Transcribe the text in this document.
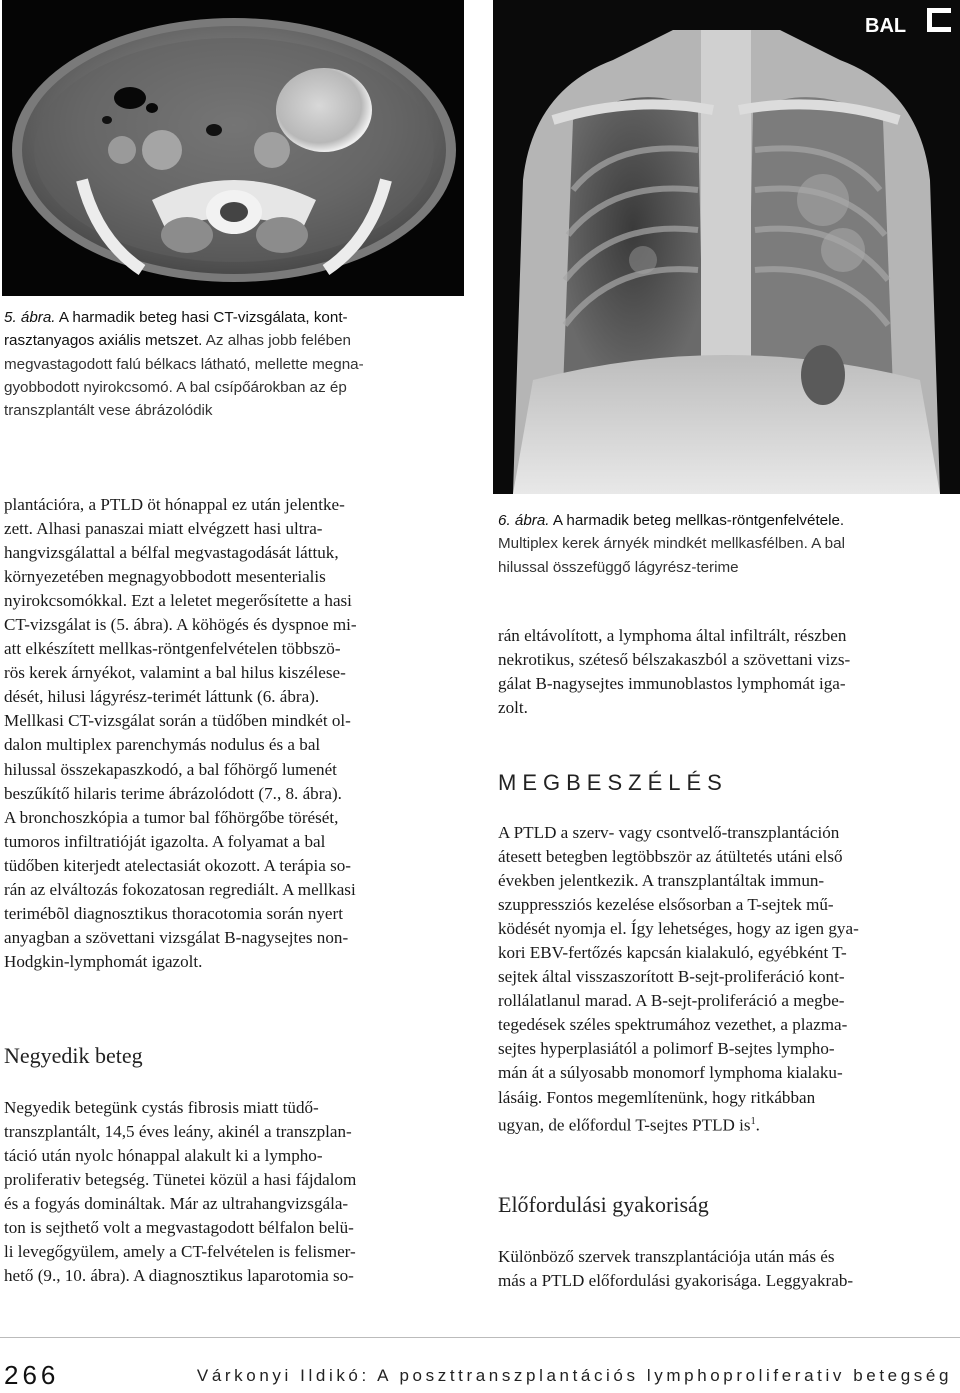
BAL
5. ábra. A harmadik beteg hasi CT-vizsgálata, kont-
rasztanyagos axiális metszet. Az alhas jobb felében
megvastagodott falú bélkacs látható, mellette megna-
gyobbodott nyirokcsomó. A bal csípőárokban az ép
transzplantált vese ábrázolódik
6. ábra. A harmadik beteg mellkas-röntgenfelvétele.
Multiplex kerek árnyék mindkét mellkasfélben. A bal
hilussal összefüggő lágyrész-terime
plantációra, a PTLD öt hónappal ez után jelentke-
zett. Alhasi panaszai miatt elvégzett hasi ultra-
hangvizsgálattal a bélfal megvastagodását láttuk,
környezetében megnagyobbodott mesenterialis
nyirokcsomókkal. Ezt a leletet megerősítette a hasi
CT-vizsgálat is (5. ábra). A köhögés és dyspnoe mi-
att elkészített mellkas-röntgenfelvételen többszö-
rös kerek árnyékot, valamint a bal hilus kiszélese-
dését, hilusi lágyrész-terimét láttunk (6. ábra).
Mellkasi CT-vizsgálat során a tüdőben mindkét ol-
dalon multiplex parenchymás nodulus és a bal
hilussal összekapaszkodó, a bal főhörgő lumenét
beszűkítő hilaris terime ábrázolódott (7., 8. ábra).
A bronchoszkópia a tumor bal főhörgőbe törését,
tumoros infiltratióját igazolta. A folyamat a bal
tüdőben kiterjedt atelectasiát okozott. A terápia so-
rán az elváltozás fokozatosan regrediált. A mellkasi
terimébõl diagnosztikus thoracotomia során nyert
anyagban a szövettani vizsgálat B-nagysejtes non-
Hodgkin-lymphomát igazolt.
Negyedik beteg
Negyedik betegünk cystás fibrosis miatt tüdő-
transzplantált, 14,5 éves leány, akinél a transzplan-
táció után nyolc hónappal alakult ki a lympho-
proliferativ betegség. Tünetei közül a hasi fájdalom
és a fogyás domináltak. Már az ultrahangvizsgála-
ton is sejthető volt a megvastagodott bélfalon belü-
li levegőgyülem, amely a CT-felvételen is felismer-
hető (9., 10. ábra). A diagnosztikus laparotomia so-
rán eltávolított, a lymphoma által infiltrált, részben
nekrotikus, széteső bélszakaszból a szövettani vizs-
gálat B-nagysejtes immunoblastos lymphomát iga-
zolt.
MEGBESZÉLÉS
A PTLD a szerv- vagy csontvelő-transzplantáción
átesett betegben legtöbbször az átültetés utáni első
években jelentkezik. A transzplantáltak immun-
szuppressziós kezelése elsősorban a T-sejtek mű-
ködését nyomja el. Így lehetséges, hogy az igen gya-
kori EBV-fertőzés kapcsán kialakuló, egyébként T-
sejtek által visszaszorított B-sejt-proliferáció kont-
rollálatlanul marad. A B-sejt-proliferáció a megbe-
tegedések széles spektrumához vezethet, a plazma-
sejtes hyperplasiától a polimorf B-sejtes lympho-
mán át a súlyosabb monomorf lymphoma kialaku-
lásáig. Fontos megemlítenünk, hogy ritkábban
ugyan, de előfordul T-sejtes PTLD $is^1$.
Előfordulási gyakoriság
Különböző szervek transzplantációja után más és
más a PTLD előfordulási gyakorisága. Leggyakrab-
266	Várkonyi Ildikó: A poszttranszplantációs lymphoproliferativ betegség
